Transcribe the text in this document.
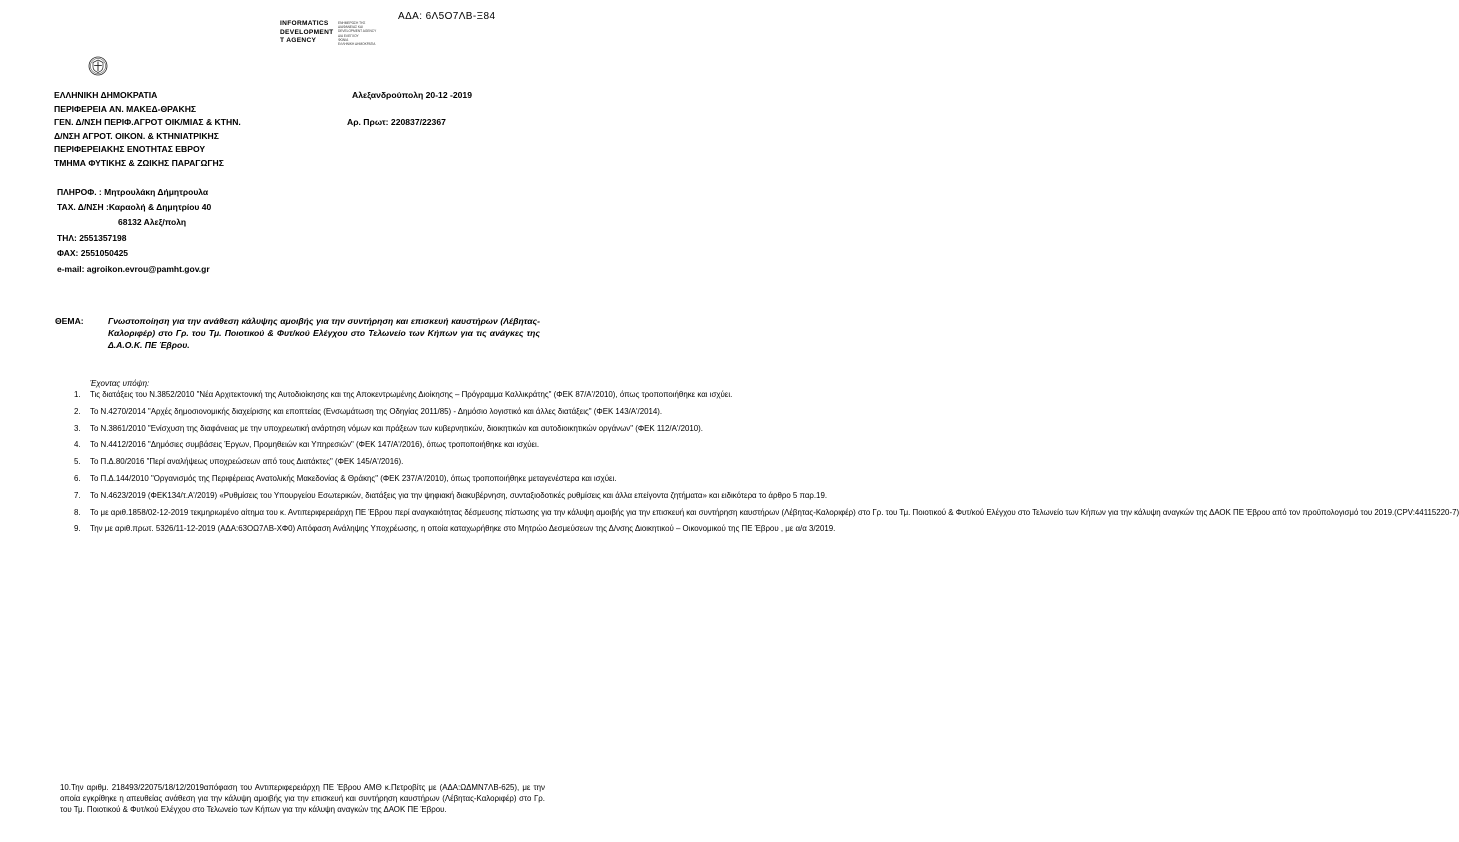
ΑΔΑ: 6Λ5Ο7ΛΒ-Ξ84
INFORMATICS
DEVELOPMENT
T AGENCY
ΕΝΗΜΕΡΩΣΗ ΤΗΣ
ΔΙΑΦΑΝΕΙΑΣ ΚΑΙ
DEVELOPMENT AGENCY
ΔΙΑ ΕΛΕΓΧΟΥ
ΦΩΝΙΑ
ΕΛΛΗΝΙΚΗ ΔΗΜΟΚΡΑΤΙΑ
ΕΛΛΗΝΙΚΗ ΔΗΜΟΚΡΑΤΙΑ
ΠΕΡΙΦΕΡΕΙΑ ΑΝ. ΜΑΚΕΔ-ΘΡΑΚΗΣ
ΓΕΝ. Δ/ΝΣΗ ΠΕΡΙΦ.ΑΓΡΟΤ ΟΙΚ/ΜΙΑΣ & ΚΤΗΝ.
Δ/ΝΣΗ ΑΓΡΟΤ. ΟΙΚΟΝ. & ΚΤΗΝΙΑΤΡΙΚΗΣ
ΠΕΡΙΦΕΡΕΙΑΚΗΣ ΕΝΟΤΗΤΑΣ ΕΒΡΟΥ
ΤΜΗΜΑ ΦΥΤΙΚΗΣ & ΖΩΙΚΗΣ ΠΑΡΑΓΩΓΗΣ
Αλεξανδρούπολη 20-12 -2019
Αρ. Πρωτ: 220837/22367
ΠΛΗΡΟΦ. : Μητρουλάκη Δήμητρουλα
ΤΑΧ. Δ/ΝΣΗ :Καραολή & Δημητρίου 40
68132 Αλεξ/πολη
ΤΗΛ: 2551357198
ΦΑΧ: 2551050425
e-mail: agroikon.evrou@pamht.gov.gr
ΘΕΜΑ:	Γνωστοποίηση για την ανάθεση κάλυψης αμοιβής για την συντήρηση και επισκευή καυστήρων (Λέβητας-Καλοριφέρ) στο Γρ. του Τμ. Ποιοτικού & Φυτ/κού Ελέγχου στο Τελωνείο των Κήπων για τις ανάγκες της Δ.Α.Ο.Κ. ΠΕ Έβρου.
Έχοντας υπόψη:
1. Τις διατάξεις του Ν.3852/2010 "Νέα Αρχιτεκτονική της Αυτοδιοίκησης και της Αποκεντρωμένης Διοίκησης – Πρόγραμμα Καλλικράτης" (ΦΕΚ 87/Α'/2010), όπως τροποποιήθηκε και ισχύει.
2. Το Ν.4270/2014 "Αρχές δημοσιονομικής διαχείρισης και εποπτείας (Ενσωμάτωση της Οδηγίας 2011/85) - Δημόσιο λογιστικό και άλλες διατάξεις" (ΦΕΚ 143/Α'/2014).
3. Το Ν.3861/2010 "Ενίσχυση της διαφάνειας με την υποχρεωτική ανάρτηση νόμων και πράξεων των κυβερνητικών, διοικητικών και αυτοδιοικητικών οργάνων" (ΦΕΚ 112/Α'/2010).
4. Το Ν.4412/2016 "Δημόσιες συμβάσεις Έργων, Προμηθειών και Υπηρεσιών" (ΦΕΚ 147/Α'/2016), όπως τροποποιήθηκε και ισχύει.
5. Το Π.Δ.80/2016 "Περί αναλήψεως υποχρεώσεων από τους Διατάκτες" (ΦΕΚ 145/Α'/2016).
6. Το Π.Δ.144/2010 "Οργανισμός της Περιφέρειας Ανατολικής Μακεδονίας & Θράκης" (ΦΕΚ 237/Α'/2010), όπως τροποποιήθηκε μεταγενέστερα και ισχύει.
7. Το Ν.4623/2019 (ΦΕΚ134/τ.Α'/2019) «Ρυθμίσεις του Υπουργείου Εσωτερικών, διατάξεις για την ψηφιακή διακυβέρνηση, συνταξιοδοτικές ρυθμίσεις και άλλα επείγοντα ζητήματα» και ειδικότερα το άρθρο 5 παρ.19.
8. Το με αριθ.1858/02-12-2019 τεκμηριωμένο αίτημα του κ. Αντιπεριφερειάρχη ΠΕ Έβρου περί αναγκαιότητας δέσμευσης πίστωσης για την κάλυψη αμοιβής για την επισκευή και συντήρηση καυστήρων (Λέβητας-Καλοριφέρ) στο Γρ. του Τμ. Ποιοτικού & Φυτ/κού Ελέγχου στο Τελωνείο των Κήπων για την κάλυψη αναγκών της ΔΑΟΚ ΠΕ Έβρου από τον προϋπολογισμό του 2019.(CPV:44115220-7)
9. Την με αριθ.πρωτ. 5326/11-12-2019 (ΑΔΑ:63ΟΩ7ΛΒ-ΧΦ0) Απόφαση Ανάληψης Υποχρέωσης, η οποία καταχωρήθηκε στο Μητρώο Δεσμεύσεων της Δ/νσης Διοικητικού – Οικονομικού της ΠΕ Έβρου , με α/α 3/2019.
10.Την αριθμ. 218493/22075/18/12/2019απόφαση του Αντιπεριφερειάρχη ΠΕ Έβρου ΑΜΘ κ.Πετρoβίτς με (ΑΔΑ:ΩΔΜΝ7ΛΒ-625), με την οποία εγκρίθηκε η απευθείας ανάθεση για την κάλυψη αμοιβής για την επισκευή και συντήρηση καυστήρων (Λέβητας-Καλοριφέρ) στο Γρ. του Τμ. Ποιοτικού & Φυτ/κού Ελέγχου στο Τελωνείο των Κήπων για την κάλυψη αναγκών της ΔΑΟΚ ΠΕ Έβρου.
